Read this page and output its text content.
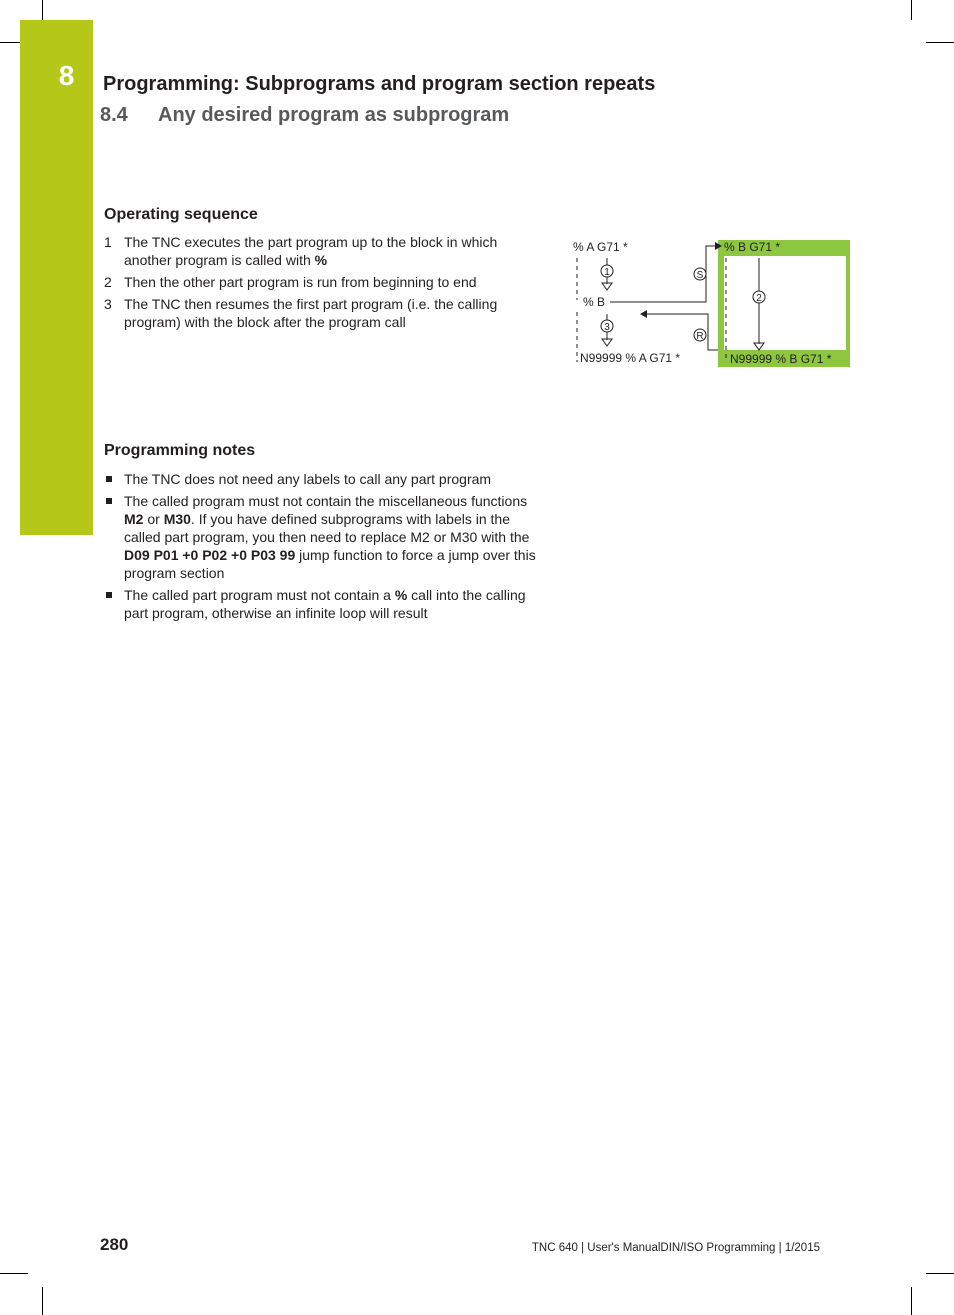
8	Programming: Subprograms and program section repeats
8.4 Any desired program as subprogram
Operating sequence
1 The TNC executes the part program up to the block in which another program is called with %
2 Then the other part program is run from beginning to end
3 The TNC then resumes the first part program (i.e. the calling program) with the block after the program call
% A G71 *
% B
N99999 % A G71 *
% B G71 *
N99999 % B G71 *
1
3
2
S
R
Programming notes
The TNC does not need any labels to call any part program
The called program must not contain the miscellaneous functions M2 or M30. If you have defined subprograms with labels in the called part program, you then need to replace M2 or M30 with the D09 P01 +0 P02 +0 P03 99 jump function to force a jump over this program section
The called part program must not contain a % call into the calling part program, otherwise an infinite loop will result
280	TNC 640 | User's ManualDIN/ISO Programming | 1/2015
